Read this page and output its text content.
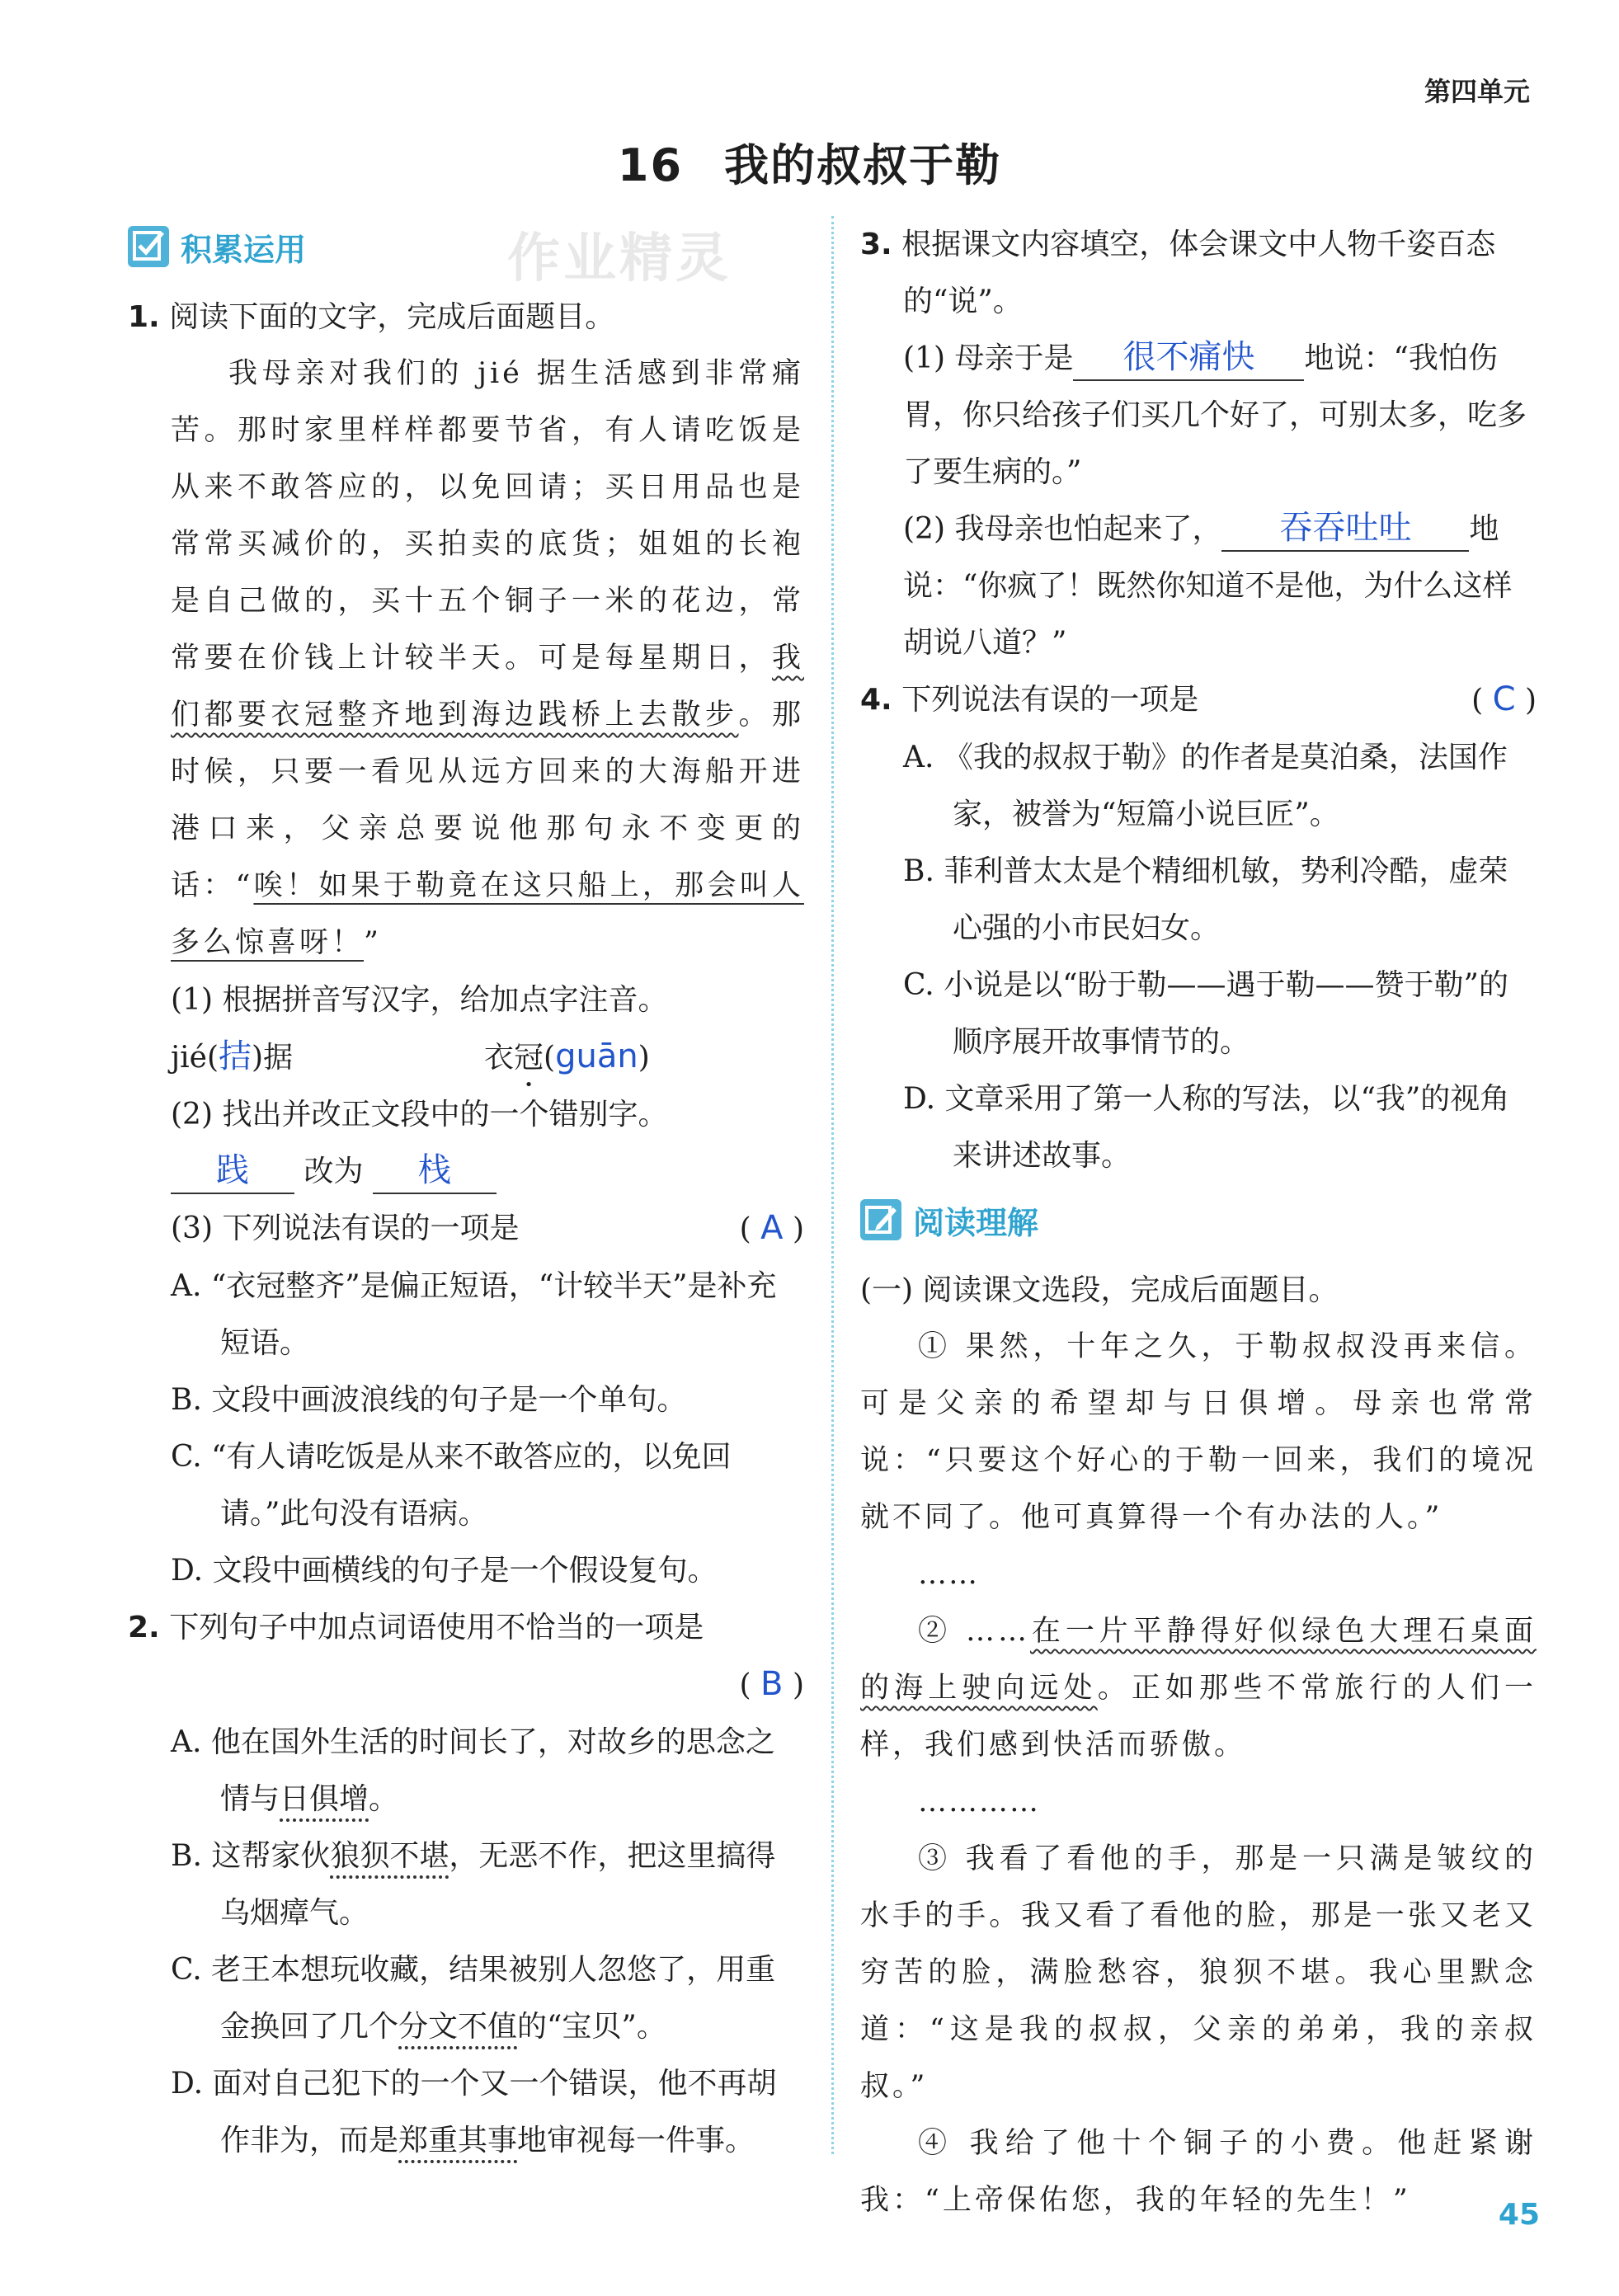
第四单元
16 我的叔叔于勒
积累运用	作业精灵
1. 阅读下面的文字，完成后面题目。

我母亲对我们的 jié 据生活感到非常痛苦。那时家里样样都要节省，有人请吃饭是从来不敢答应的，以免回请；买日用品也是常常买减价的，买拍卖的底货；姐姐的长袍是自己做的，买十五个铜子一米的花边，常常要在价钱上计较半天。可是每星期日，我们都要衣冠整齐地到海边践桥上去散步。那时候，只要一看见从远方回来的大海船开进港口来，父亲总要说他那句永不变更的话：“唉！如果于勒竟在这只船上，那会叫人多么惊喜呀！”

(1) 根据拼音写汉字，给加点字注音。
jié(拮)据	衣冠(guān)
(2) 找出并改正文段中的一个错别字。
践 改为 栈
(3) 下列说法有误的一项是	( A )
A. “衣冠整齐”是偏正短语，“计较半天”是补充短语。
B. 文段中画波浪线的句子是一个单句。
C. “有人请吃饭是从来不敢答应的，以免回请。”此句没有语病。
D. 文段中画横线的句子是一个假设复句。
2. 下列句子中加点词语使用不恰当的一项是
( B )
A. 他在国外生活的时间长了，对故乡的思念之情与日俱增。
B. 这帮家伙狼狈不堪，无恶不作，把这里搞得乌烟瘴气。
C. 老王本想玩收藏，结果被别人忽悠了，用重金换回了几个分文不值的“宝贝”。
D. 面对自己犯下的一个又一个错误，他不再胡作非为，而是郑重其事地审视每一件事。
3. 根据课文内容填空，体会课文中人物千姿百态的“说”。
(1) 母亲于是 很不痛快 地说：“我怕伤胃，你只给孩子们买几个好了，可别太多，吃多了要生病的。”
(2) 我母亲也怕起来了， 吞吞吐吐 地说：“你疯了！既然你知道不是他，为什么这样胡说八道？”
4. 下列说法有误的一项是	( C )
A. 《我的叔叔于勒》的作者是莫泊桑，法国作家，被誉为“短篇小说巨匠”。
B. 菲利普太太是个精细机敏，势利冷酷，虚荣心强的小市民妇女。
C. 小说是以“盼于勒——遇于勒——赞于勒”的顺序展开故事情节的。
D. 文章采用了第一人称的写法，以“我”的视角来讲述故事。
阅读理解
(一) 阅读课文选段，完成后面题目。

① 果然，十年之久，于勒叔叔没再来信。可是父亲的希望却与日俱增。母亲也常常说：“只要这个好心的于勒一回来，我们的境况就不同了。他可真算得一个有办法的人。”

……

② ……在一片平静得好似绿色大理石桌面的海上驶向远处。正如那些不常旅行的人们一样，我们感到快活而骄傲。

…………

③ 我看了看他的手，那是一只满是皱纹的水手的手。我又看了看他的脸，那是一张又老又穷苦的脸，满脸愁容，狼狈不堪。我心里默念道：“这是我的叔叔，父亲的弟弟，我的亲叔叔。”

④ 我给了他十个铜子的小费。他赶紧谢我：“上帝保佑您，我的年轻的先生！”	45
